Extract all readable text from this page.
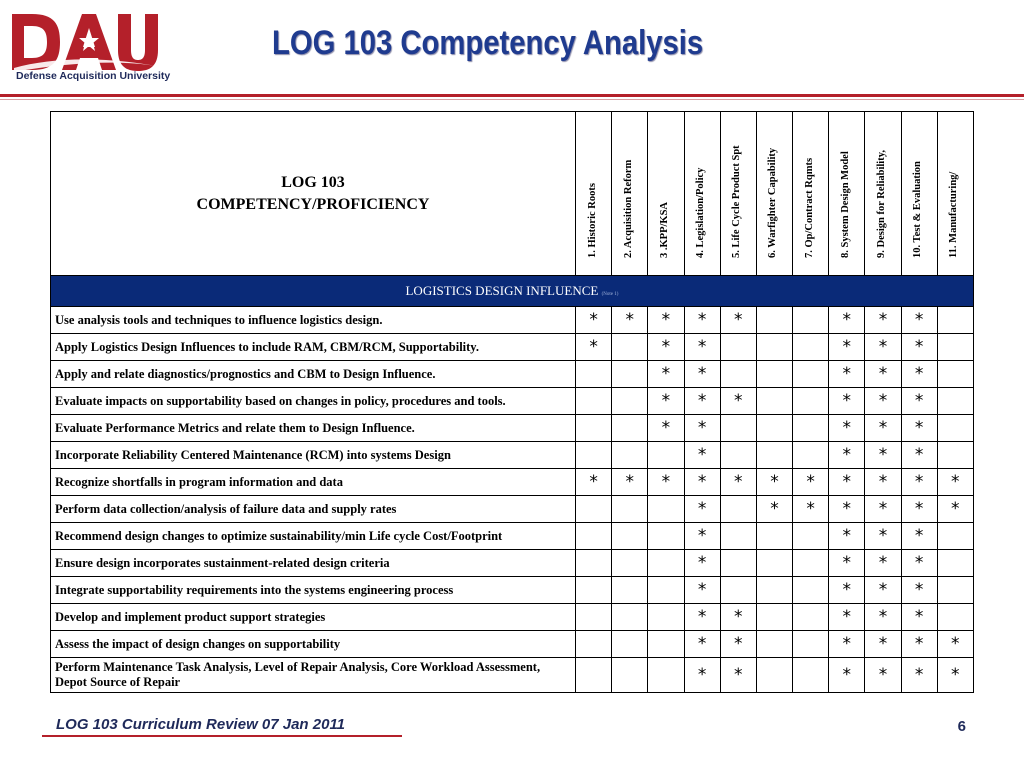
Defense Acquisition University
LOG 103 Competency Analysis
LOG 103
COMPETENCY/PROFICIENCY	1. Historic Roots	2. Acquisition Reform	3 .KPP/KSA	4. Legislation/Policy	5. Life Cycle Product Spt	6. Warfighter Capability	7. Op/Contract Rqmts	8. System Design Model	9. Design for Reliability,	10. Test & Evaluation	11. Manufacturing/

LOGISTICS DESIGN INFLUENCE (Note 1)											
Use analysis tools and techniques to influence logistics design.	*	*	*	*	*			*	*	*	
Apply Logistics Design Influences to include RAM, CBM/RCM, Supportability.	*		*	*				*	*	*	
Apply and relate diagnostics/prognostics and CBM to Design Influence.			*	*				*	*	*	
Evaluate impacts on supportability based on changes in policy, procedures and tools.			*	*	*			*	*	*	
Evaluate Performance Metrics and relate them to Design Influence.			*	*				*	*	*	
Incorporate Reliability Centered Maintenance (RCM) into systems Design				*				*	*	*	
Recognize shortfalls in program information and data	*	*	*	*	*	*	*	*	*	*	*
Perform data collection/analysis of failure data and supply rates				*		*	*	*	*	*	*
Recommend design changes to optimize sustainability/min Life cycle Cost/Footprint				*				*	*	*	
Ensure design incorporates sustainment-related design criteria				*				*	*	*	
Integrate supportability requirements into the systems engineering process				*				*	*	*	
Develop and implement product support strategies				*	*			*	*	*	
Assess the impact of design changes on supportability				*	*			*	*	*	*
Perform Maintenance Task Analysis, Level of Repair Analysis, Core Workload Assessment, Depot Source of Repair				*	*			*	*	*	*
LOG 103 Curriculum Review 07 Jan 2011	6
